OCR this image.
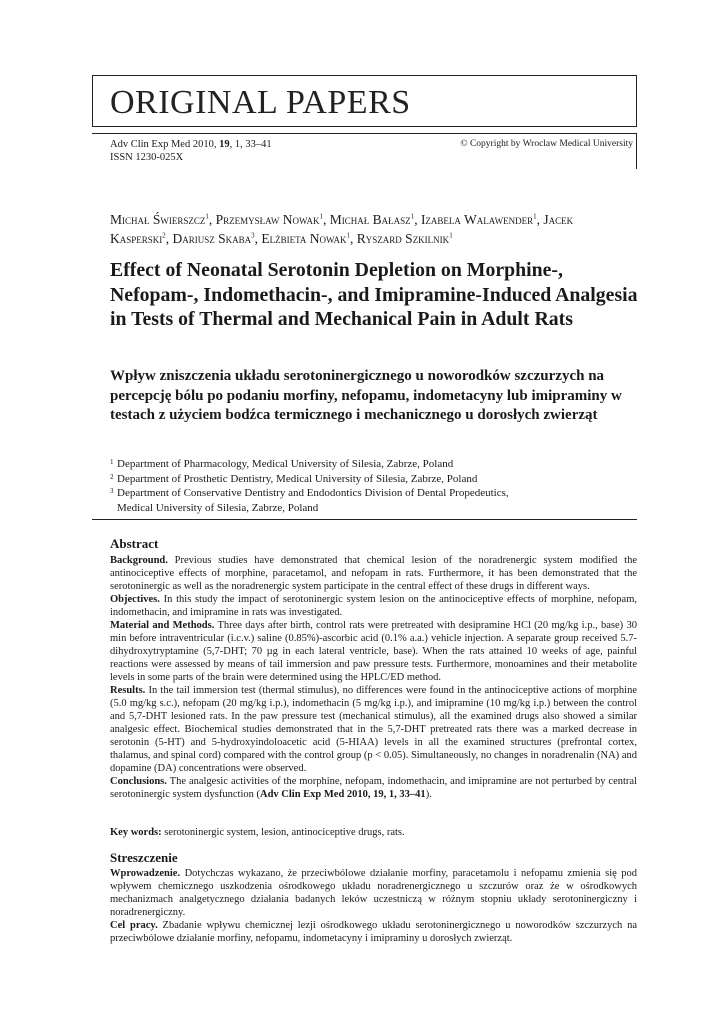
ORIGINAL PAPERS
Adv Clin Exp Med 2010, 19, 1, 33–41
ISSN 1230-025X
© Copyright by Wroclaw Medical University
Michał Świerszcz$^1$, Przemysław Nowak$^1$, Michał Bałasz$^1$, Izabela Walawender$^1$, Jacek Kasperski$^2$, Dariusz Skaba$^3$, Elżbieta Nowak$^1$, Ryszard Szkilnik$^1$
Effect of Neonatal Serotonin Depletion on Morphine-, Nefopam-, Indomethacin-, and Imipramine-Induced Analgesia in Tests of Thermal and Mechanical Pain in Adult Rats
Wpływ zniszczenia układu serotoninergicznego u noworodków szczurzych na percepcję bólu po podaniu morfiny, nefopamu, indometacyny lub imipraminy w testach z użyciem bodźca termicznego i mechanicznego u dorosłych zwierząt
1 Department of Pharmacology, Medical University of Silesia, Zabrze, Poland
2 Department of Prosthetic Dentistry, Medical University of Silesia, Zabrze, Poland
3 Department of Conservative Dentistry and Endodontics Division of Dental Propedeutics,
Medical University of Silesia, Zabrze, Poland
Abstract

Background. Previous studies have demonstrated that chemical lesion of the noradrenergic system modified the antinociceptive effects of morphine, paracetamol, and nefopam in rats. Furthermore, it has been demonstrated that the serotoninergic as well as the noradrenergic system participate in the central effect of these drugs in different ways.

Objectives. In this study the impact of serotoninergic system lesion on the antinociceptive effects of morphine, nefopam, indomethacin, and imipramine in rats was investigated.

Material and Methods. Three days after birth, control rats were pretreated with desipramine HCl (20 mg/kg i.p., base) 30 min before intraventricular (i.c.v.) saline (0.85%)-ascorbic acid (0.1% a.a.) vehicle injection. A separate group received 5.7-dihydroxytryptamine (5,7-DHT; 70 µg in each lateral ventricle, base). When the rats attained 10 weeks of age, painful reactions were assessed by means of tail immersion and paw pressure tests. Furthermore, monoamines and their metabolite levels in some parts of the brain were determined using the HPLC/ED method.

Results. In the tail immersion test (thermal stimulus), no differences were found in the antinociceptive actions of morphine (5.0 mg/kg s.c.), nefopam (20 mg/kg i.p.), indomethacin (5 mg/kg i.p.), and imipramine (10 mg/kg i.p.) between the control and 5,7-DHT lesioned rats. In the paw pressure test (mechanical stimulus), all the examined drugs also showed a similar analgesic effect. Biochemical studies demonstrated that in the 5,7-DHT pretreated rats there was a marked decrease in serotonin (5-HT) and 5-hydroxyindoloacetic acid (5-HIAA) levels in all the examined structures (prefrontal cortex, thalamus, and spinal cord) compared with the control group (p < 0.05). Simultaneously, no changes in noradrenalin (NA) and dopamine (DA) concentrations were observed.

Conclusions. The analgesic activities of the morphine, nefopam, indomethacin, and imipramine are not perturbed by central serotoninergic system dysfunction (Adv Clin Exp Med 2010, 19, 1, 33–41).

Key words: serotoninergic system, lesion, antinociceptive drugs, rats.
Streszczenie

Wprowadzenie. Dotychczas wykazano, że przeciwbólowe działanie morfiny, paracetamolu i nefopamu zmienia się pod wpływem chemicznego uszkodzenia ośrodkowego układu noradrenergicznego u szczurów oraz że w ośrodkowych mechanizmach analgetycznego działania badanych leków uczestniczą w różnym stopniu układy serotoninergiczny i noradrenergiczny.

Cel pracy. Zbadanie wpływu chemicznej lezji ośrodkowego układu serotoninergicznego u noworodków szczurzych na przeciwbólowe działanie morfiny, nefopamu, indometacyny i imipraminy u dorosłych zwierząt.
